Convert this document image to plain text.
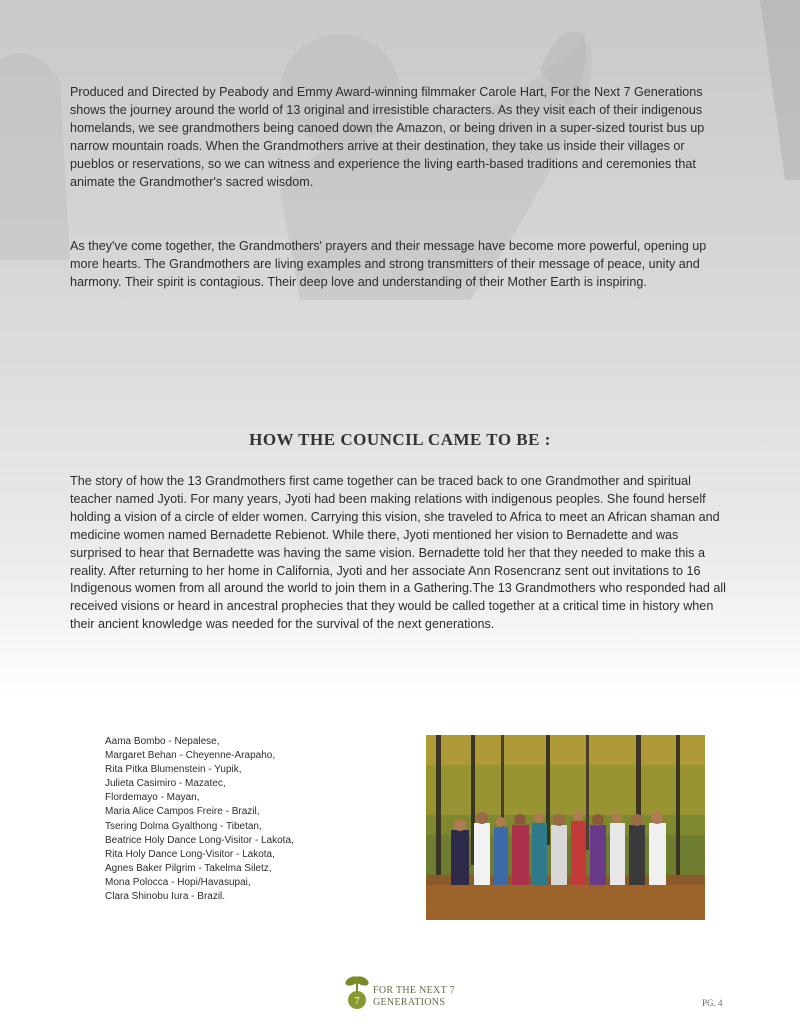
Produced and Directed by Peabody and Emmy Award-winning filmmaker Carole Hart, For the Next 7 Generations shows the journey around the world of 13 original and irresistible characters. As they visit each of their indigenous homelands, we see grandmothers being canoed down the Amazon, or being driven in a super-sized tourist bus up narrow mountain roads. When the Grandmothers arrive at their destination, they take us inside their villages or pueblos or reservations, so we can witness and experience the living earth-based traditions and ceremonies that animate the Grandmother's sacred wisdom.

As they've come together, the Grandmothers' prayers and their message have become more powerful, opening up more hearts. The Grandmothers are living examples and strong transmitters of their message of peace, unity and harmony. Their spirit is contagious. Their deep love and understanding of their Mother Earth is inspiring.

HOW THE COUNCIL CAME TO BE :

The story of how the 13 Grandmothers first came together can be traced back to one Grandmother and spiritual teacher named Jyoti. For many years, Jyoti had been making relations with indigenous peoples. She found herself holding a vision of a circle of elder women. Carrying this vision, she traveled to Africa to meet an African shaman and medicine women named Bernadette Rebienot. While there, Jyoti mentioned her vision to Bernadette and was surprised to hear that Bernadette was having the same vision. Bernadette told her that they needed to make this a reality. After returning to her home in California, Jyoti and her associate Ann Rosencranz sent out invitations to 16 Indigenous women from all around the world to join them in a Gathering.The 13 Grandmothers who responded had all received visions or heard in ancestral prophecies that they would be called together at a critical time in history when their ancient knowledge was needed for the survival of the next generations.

Aama Bombo - Nepalese,
Margaret Behan - Cheyenne-Arapaho,
Rita Pitka Blumenstein - Yupik,
Julieta Casimiro - Mazatec,
Flordemayo - Mayan,
Maria Alice Campos Freire - Brazil,
Tsering Dolma Gyalthong - Tibetan,
Beatrice Holy Dance Long-Visitor - Lakota,
Rita Holy Dance Long-Visitor - Lakota,
Agnes Baker Pilgrim - Takelma Siletz,
Mona Polocca - Hopi/Havasupai,
Clara Shinobu Iura - Brazil.
7
FOR THE NEXT 7
GENERATIONS	PG. 4
